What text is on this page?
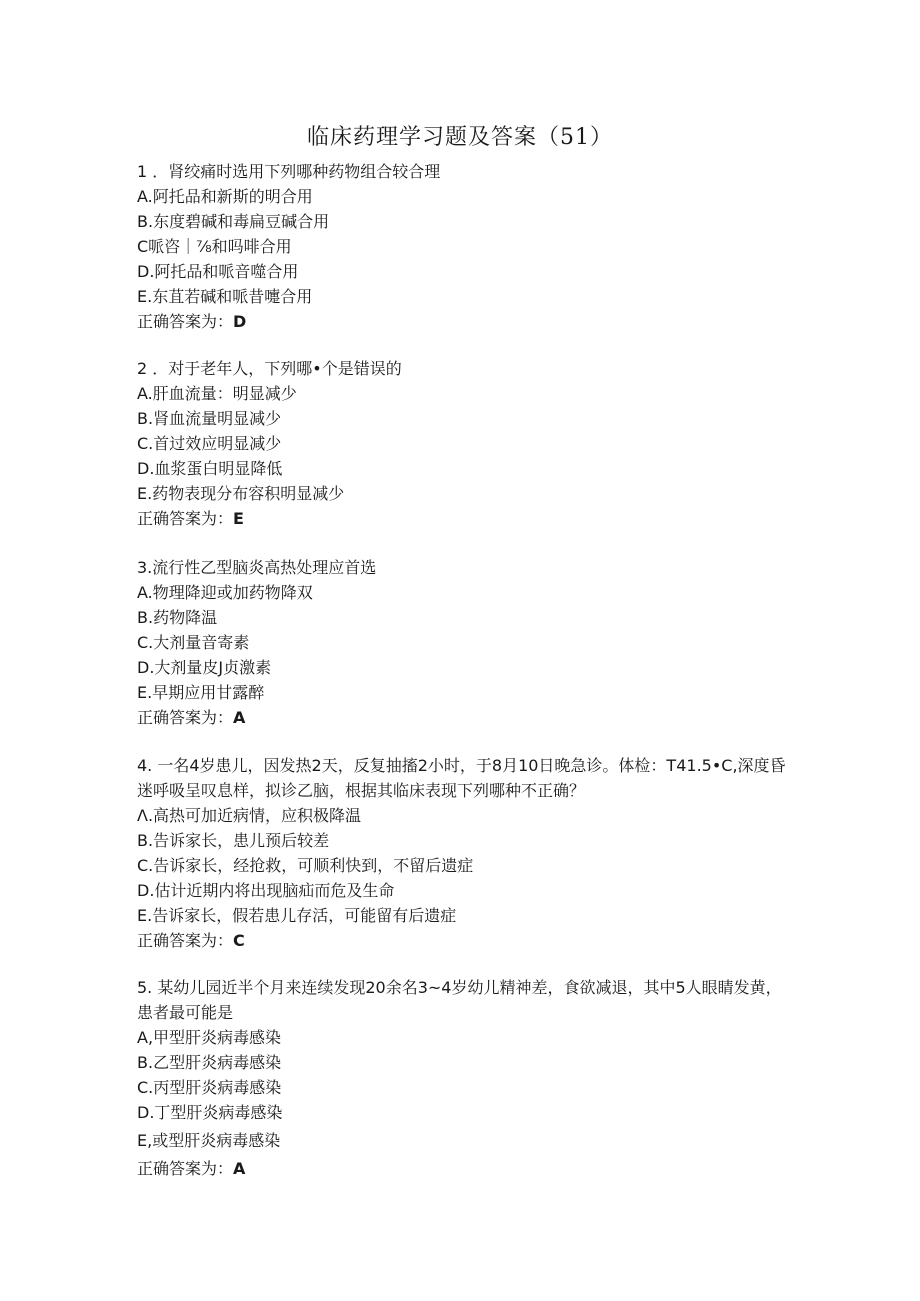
临床药理学习题及答案（51）
1 ．肾绞痛时选用下列哪种药物组合较合理
A.阿托品和新斯的明合用
B.东度碧碱和毒扁豆碱合用
C哌咨｜⅞和吗啡合用
D.阿托品和哌音噬合用
E.东苴若碱和哌昔嚏合用
正确答案为：D
2 ．对于老年人，下列哪•个是错误的
A.肝血流量：明显减少
B.肾血流量明显减少
C.首过效应明显减少
D.血浆蛋白明显降低
E.药物表现分布容积明显减少
正确答案为：E
3.流行性乙型脑炎高热处理应首选
A.物理降迎或加药物降双
B.药物降温
C.大剂量音寄素
D.大剂量皮J贞激素
E.早期应用甘露醉
正确答案为：A
4. 一名4岁患儿，因发热2天，反复抽搐2小时，于8月10日晚急诊。体检：T41.5•C,深度昏迷呼吸呈叹息样，拟诊乙脑，根据其临床表现下列哪种不正确？
Λ.高热可加近病情，应积极降温
B.告诉家长，患儿预后较差
C.告诉家长，经抢救，可顺利快到，不留后遗症
D.估计近期内将出现脑疝而危及生命
E.告诉家长，假若患儿存活，可能留有后遗症
正确答案为：C
5. 某幼儿园近半个月来连续发现20余名3~4岁幼儿精神差，食欲减退，其中5人眼睛发黄，患者最可能是
A,甲型肝炎病毒感染
B.乙型肝炎病毒感染
C.丙型肝炎病毒感染
D.丁型肝炎病毒感染
E,或型肝炎病毒感染
正确答案为：A
